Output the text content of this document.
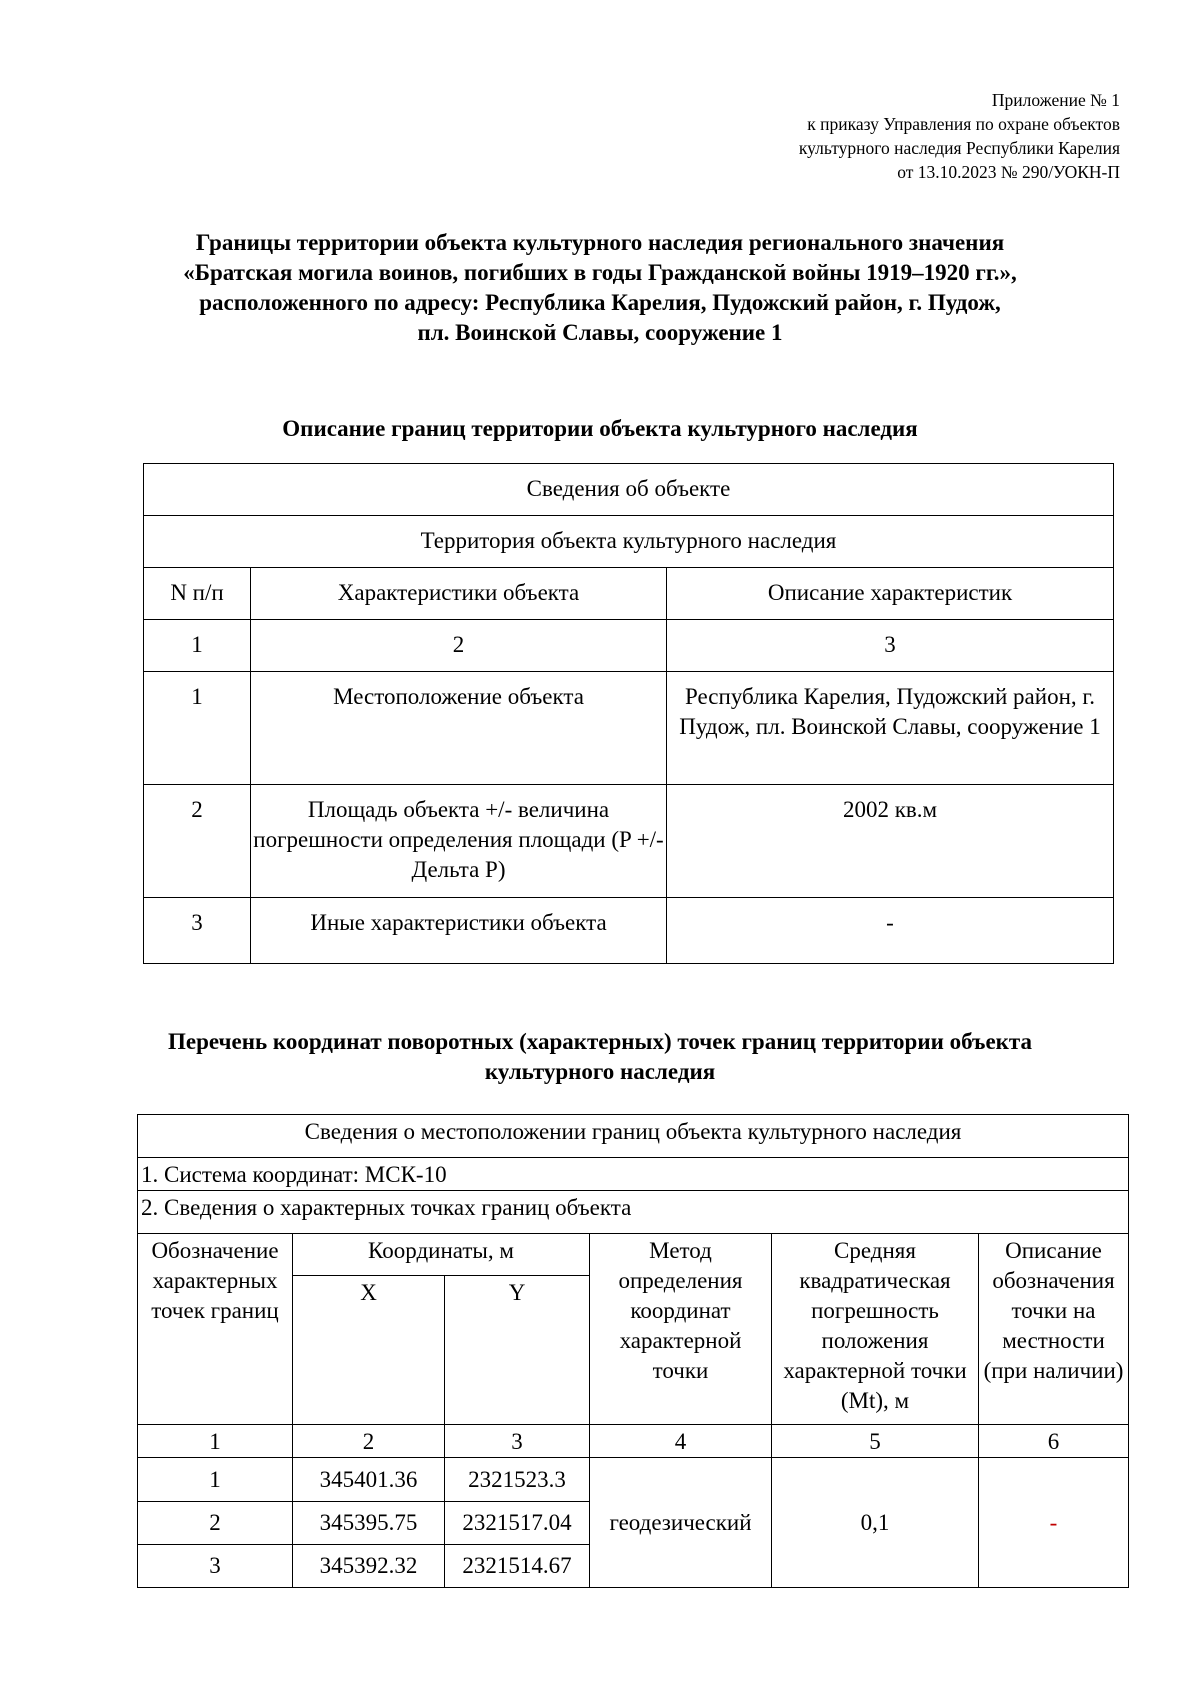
Приложение № 1
к приказу Управления по охране объектов
культурного наследия Республики Карелия
от 13.10.2023 № 290/УОКН-П
Границы территории объекта культурного наследия регионального значения
«Братская могила воинов, погибших в годы Гражданской войны 1919–1920 гг.»,
расположенного по адресу: Республика Карелия, Пудожский район, г. Пудож,
пл. Воинской Славы, сооружение 1
Описание границ территории объекта культурного наследия
Сведения об объекте		
Территория объекта культурного наследия		
N п/п	Характеристики объекта	Описание характеристик
1	2	3
1	Местоположение объекта	Республика Карелия, Пудожский район, г. Пудож, пл. Воинской Славы, сооружение 1
2	Площадь объекта +/- величина погрешности определения площади (P +/- Дельта P)	2002 кв.м
3	Иные характеристики объекта	-
Перечень координат поворотных (характерных) точек границ территории объекта культурного наследия
Сведения о местоположении границ объекта культурного наследия					
1. Система координат: МСК-10					
2. Сведения о характерных точках границ объекта					
Обозначение характерных точек границ	Координаты, м		Метод определения координат характерной точки	Средняя квадратическая погрешность положения характерной точки (Mt), м	Описание обозначения точки на местности (при наличии)
	X	Y			
1	2	3	4	5	6
1	345401.36	2321523.3	геодезический	0,1	-
2	345395.75	2321517.04			
3	345392.32	2321514.67			
